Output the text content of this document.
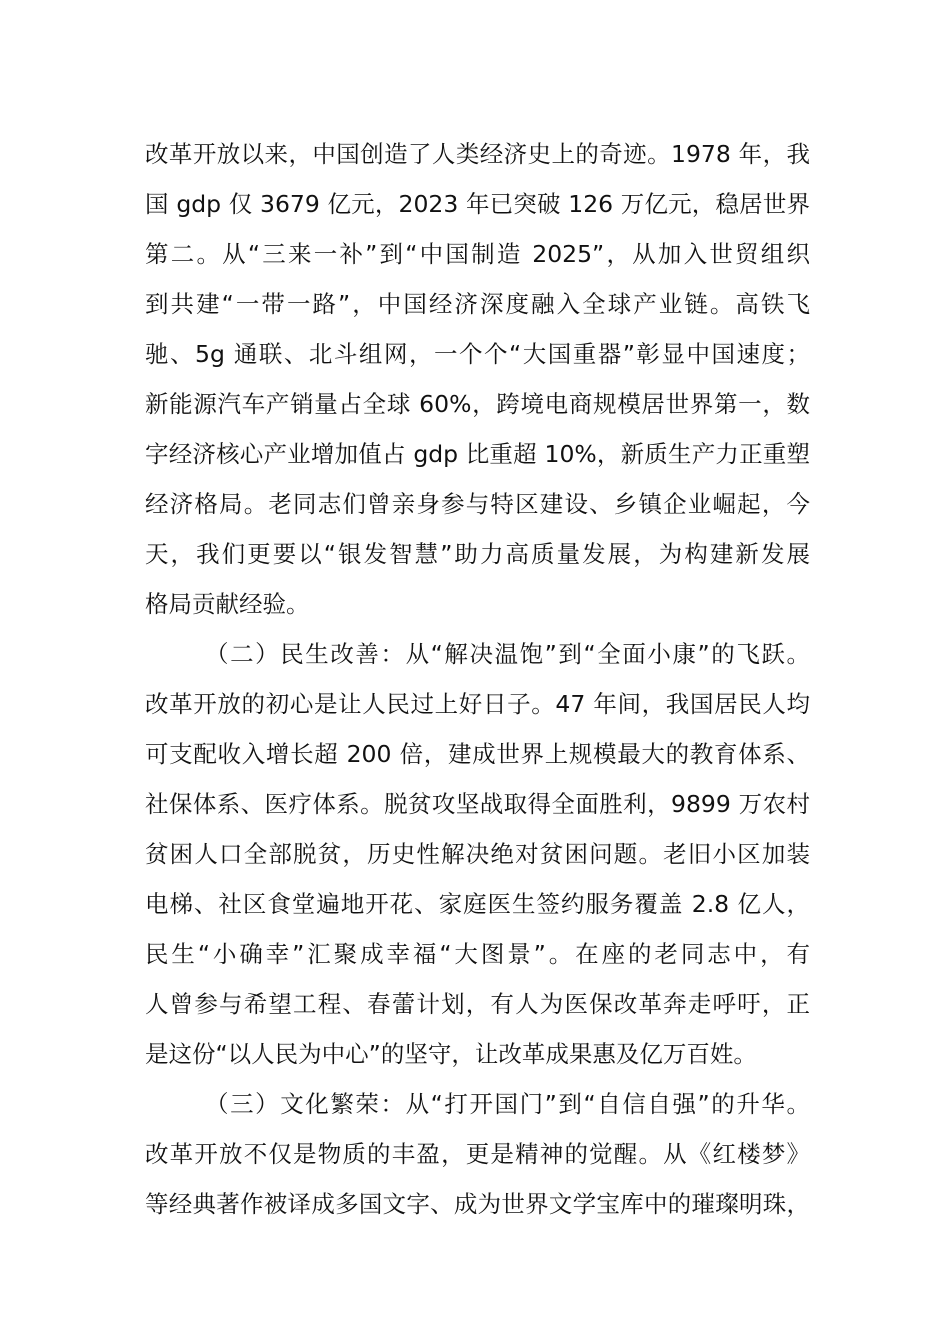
改革开放以来，中国创造了人类经济史上的奇迹。1978 年，我
国 gdp 仅 3679 亿元，2023 年已突破 126 万亿元，稳居世界
第二。从“三来一补”到“中国制造 2025”，从加入世贸组织
到共建“一带一路”，中国经济深度融入全球产业链。高铁飞
驰、5g 通联、北斗组网，一个个“大国重器”彰显中国速度；
新能源汽车产销量占全球 60%，跨境电商规模居世界第一，数
字经济核心产业增加值占 gdp 比重超 10%，新质生产力正重塑
经济格局。老同志们曾亲身参与特区建设、乡镇企业崛起，今
天，我们更要以“银发智慧”助力高质量发展，为构建新发展
格局贡献经验。
（二）民生改善：从“解决温饱”到“全面小康”的飞跃。
改革开放的初心是让人民过上好日子。47 年间，我国居民人均
可支配收入增长超 200 倍，建成世界上规模最大的教育体系、
社保体系、医疗体系。脱贫攻坚战取得全面胜利，9899 万农村
贫困人口全部脱贫，历史性解决绝对贫困问题。老旧小区加装
电梯、社区食堂遍地开花、家庭医生签约服务覆盖 2.8 亿人，
民生“小确幸”汇聚成幸福“大图景”。在座的老同志中，有
人曾参与希望工程、春蕾计划，有人为医保改革奔走呼吁，正
是这份“以人民为中心”的坚守，让改革成果惠及亿万百姓。
（三）文化繁荣：从“打开国门”到“自信自强”的升华。
改革开放不仅是物质的丰盈，更是精神的觉醒。从《红楼梦》
等经典著作被译成多国文字、成为世界文学宝库中的璀璨明珠，
